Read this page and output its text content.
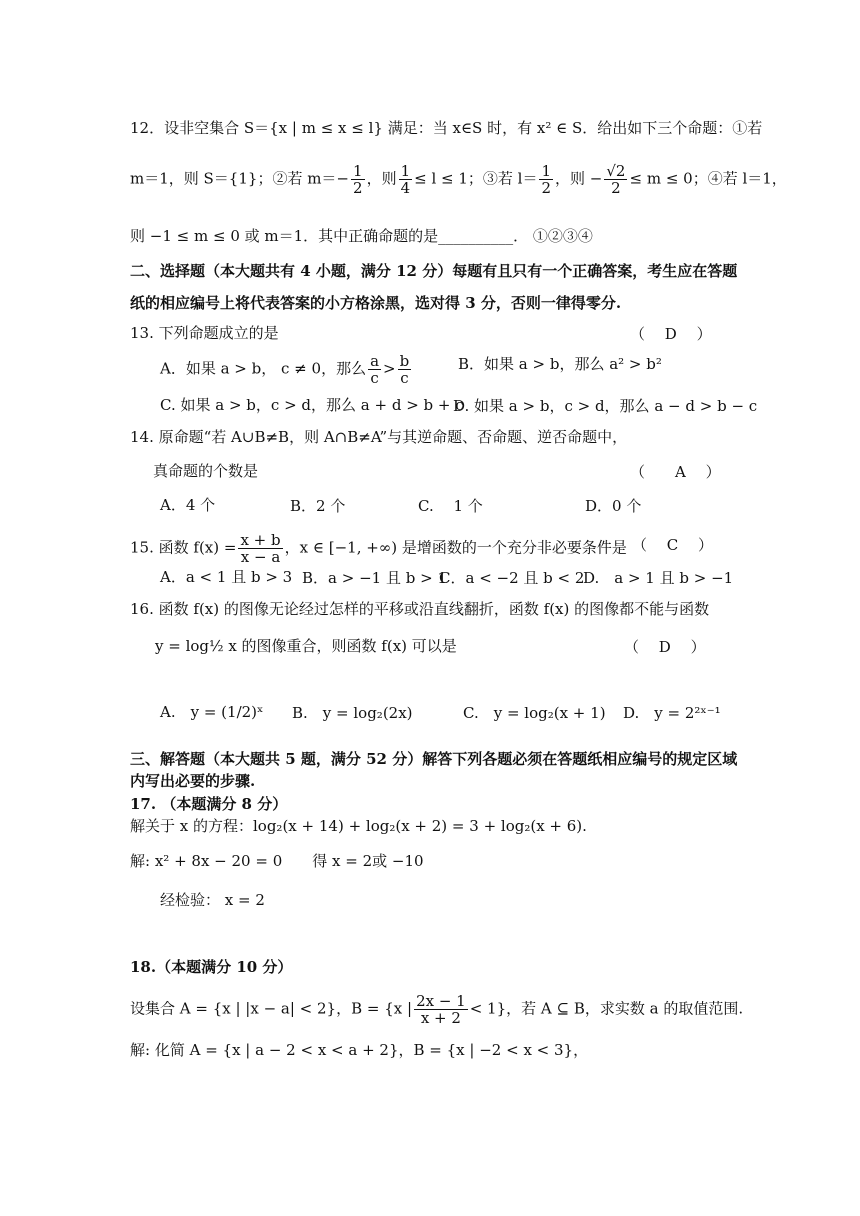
12．设非空集合 S＝{x | m ≤ x ≤ l} 满足：当 x∈S 时，有 x² ∈ S．给出如下三个命题：①若
m＝1，则 S＝{1}；②若 $m=- \frac{1}{2}$ ，则 $\frac{1}{4} \le l \le 1$；③若 $l= \frac{1}{2}$ ，则 − $\frac{√2}{2} \le m \le 0$；④若 l＝1，
则 −1 ≤ m ≤ 0 或 m＝1．其中正确命题的是__________． ①②③④
二、选择题（本大题共有 4 小题，满分 12 分）每题有且只有一个正确答案，考生应在答题
纸的相应编号上将代表答案的小方格涂黑，选对得 3 分，否则一律得零分.
13. 下列命题成立的是	（　 D　 ）
A．如果 a > b， c ≠ 0，那么 $\frac{a}{c} > \frac{b}{c}$	B．如果 a > b，那么 a² > b²
C. 如果 a > b，c > d，那么 a + d > b + c
D. 如果 a > b，c > d，那么 a − d > b − c
14. 原命题“若 A∪B≠B，则 A∩B≠A”与其逆命题、否命题、逆否命题中，
真命题的个数是	（　　A　 ）
A．4 个	B．2 个	C.　 1 个	D．0 个
15. 函数 $f(x) = \frac{x + b}{x - a}$ ，x ∈ [−1, +∞) 是增函数的一个充分非必要条件是 （　 C　 ）
A．a < 1 且 b > 3 B．a > −1 且 b > 1
C．a < −2 且 b < 2
D.　a > 1 且 b > −1
16. 函数 f(x) 的图像无论经过怎样的平移或沿直线翻折，函数 f(x) 的图像都不能与函数
y = log½ x 的图像重合，则函数 f(x) 可以是	（　 D　 ）
A.　y = (1/2)ˣ B.　y = log₂(2x)	C.　y = log₂(x + 1) D.　y = 2²ˣ⁻¹
三、解答题（本大题共 5 题，满分 52 分）解答下列各题必须在答题纸相应编号的规定区域
内写出必要的步骤.
17. （本题满分 8 分）
解关于 x 的方程：log₂(x + 14) + log₂(x + 2) = 3 + log₂(x + 6).
解: x² + 8x − 20 = 0　　得 x = 2或 −10
经检验： x = 2
18.（本题满分 10 分）
设集合 A = {x | |x − a| < 2}，B = {x | $\frac{2x - 1}{x + 2} < 1$}，若 A ⊆ B，求实数 a 的取值范围.
解: 化简 A = {x | a − 2 < x < a + 2}，B = {x | −2 < x < 3}，
